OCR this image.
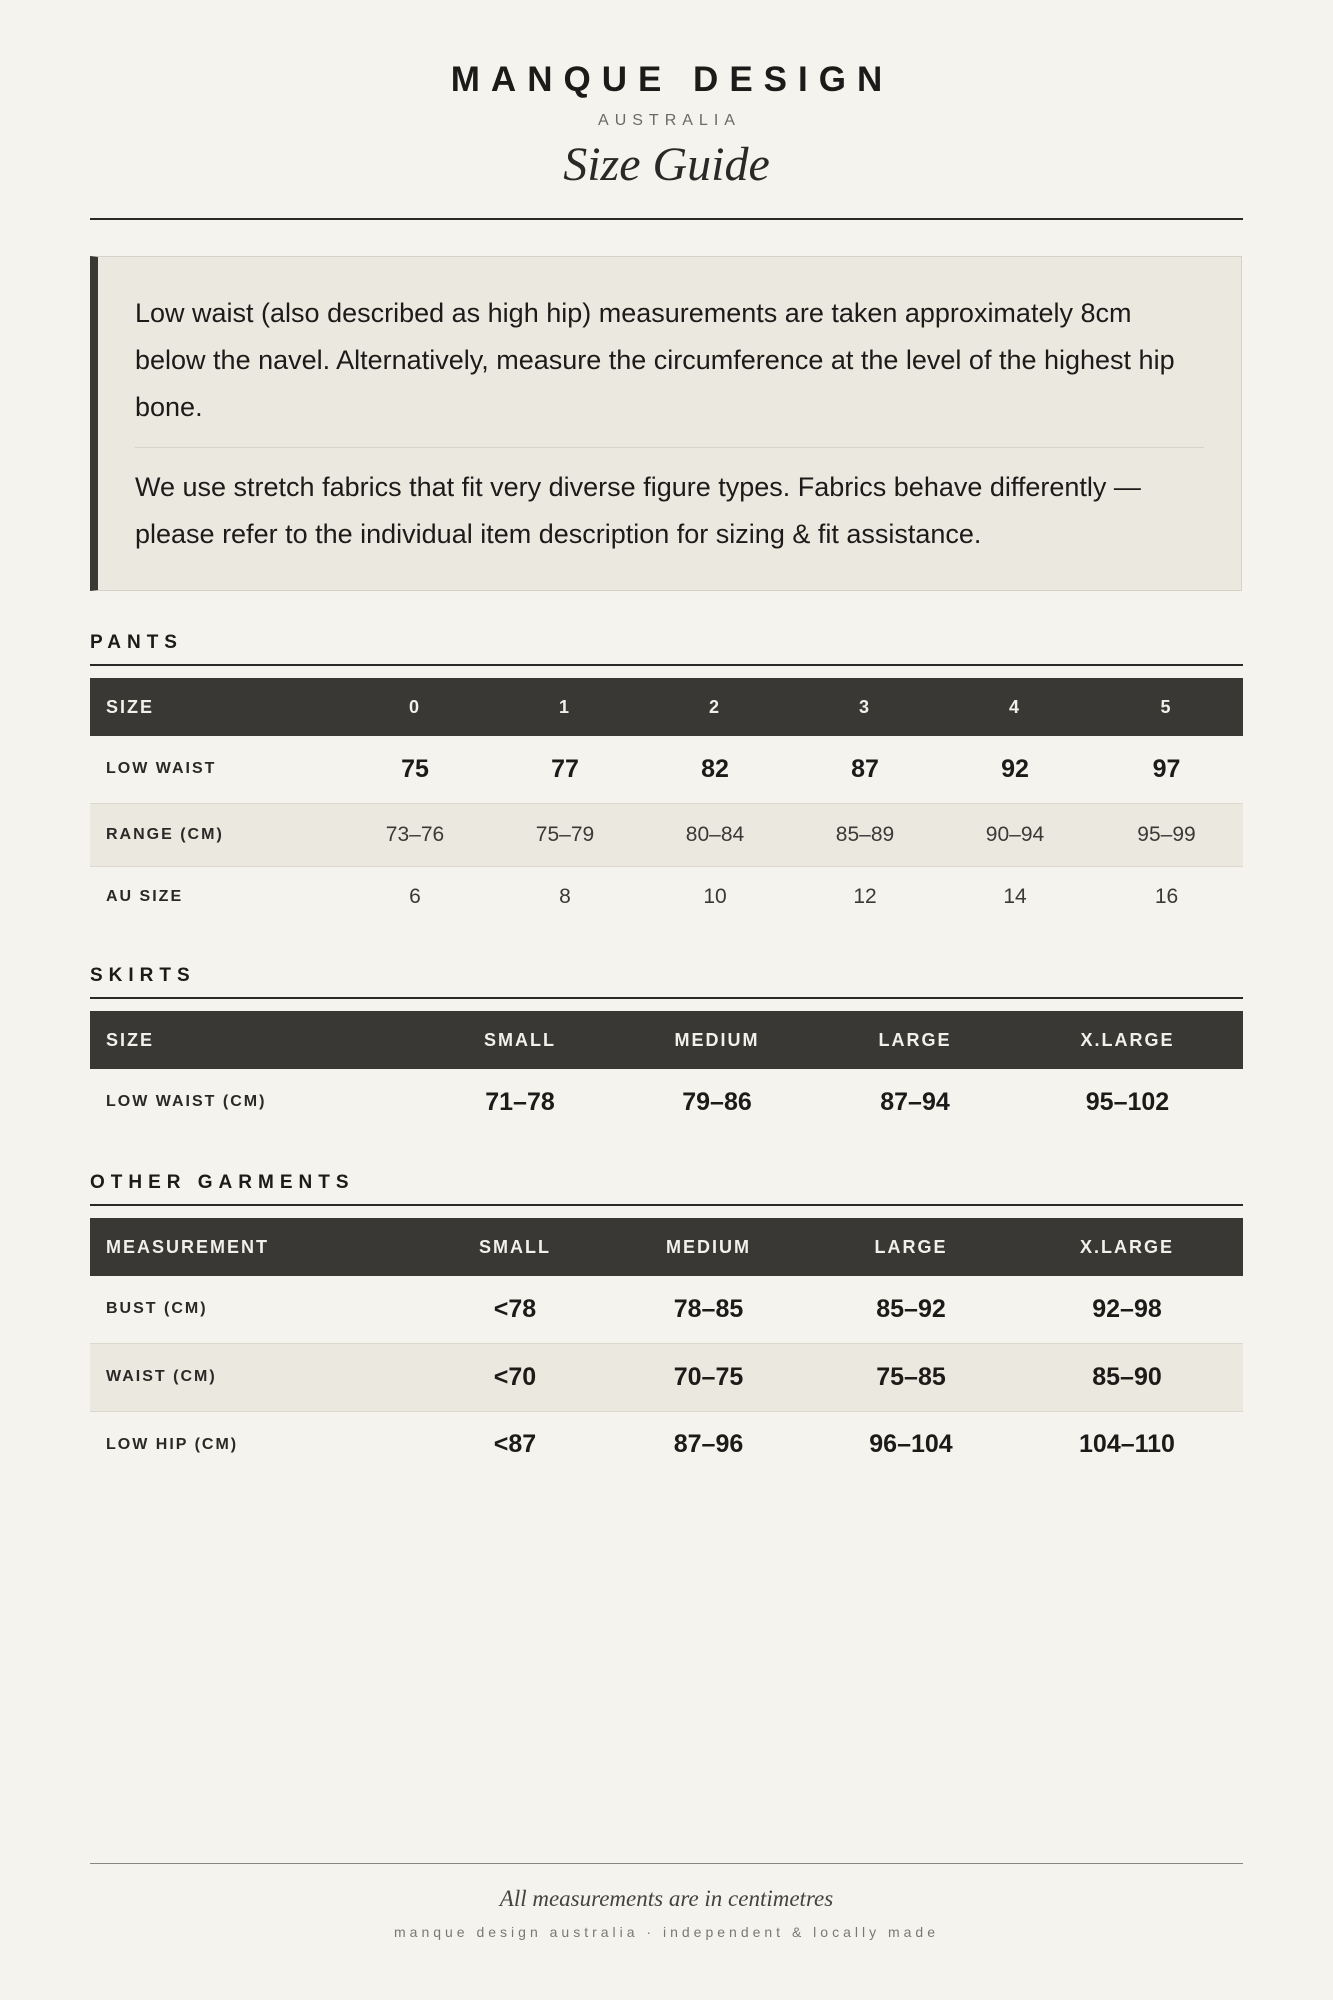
MANQUE DESIGN
AUSTRALIA
Size Guide

Low waist (also described as high hip) measurements are taken approximately 8cm below the navel. Alternatively, measure the circumference at the level of the highest hip bone.

We use stretch fabrics that fit very diverse figure types. Fabrics behave differently — please refer to the individual item description for sizing & fit assistance.

PANTS
SIZE	0	1	2	3	4	5
LOW WAIST	75	77	82	87	92	97
RANGE (CM)	73–76	75–79	80–84	85–89	90–94	95–99
AU SIZE	6	8	10	12	14	16
SKIRTS
SIZE	SMALL	MEDIUM	LARGE	X.LARGE
LOW WAIST (CM)	71–78	79–86	87–94	95–102
OTHER GARMENTS
MEASUREMENT	SMALL	MEDIUM	LARGE	X.LARGE
BUST (CM)	<78	78–85	85–92	92–98
WAIST (CM)	<70	70–75	75–85	85–90
LOW HIP (CM)	<87	87–96	96–104	104–110
All measurements are in centimetres
manque design australia · independent & locally made
